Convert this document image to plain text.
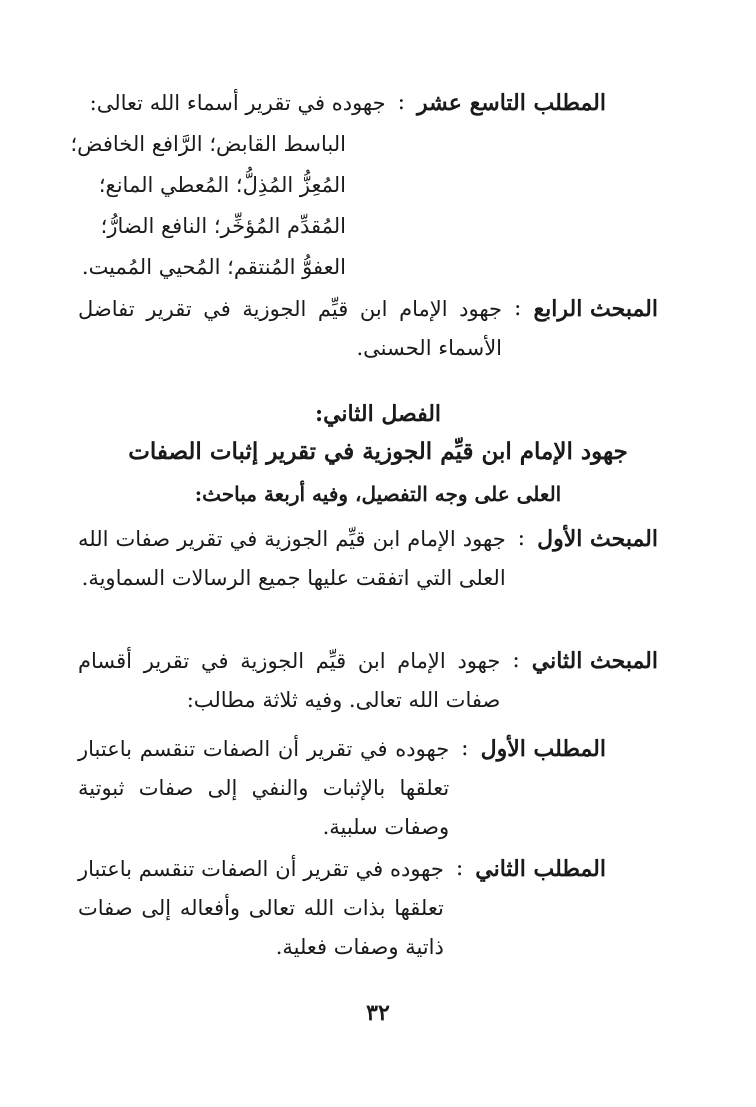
المطلب التاسع عشر
:
جهوده في تقرير أسماء الله تعالى:
الباسط القابض؛ الرَّافع الخافض؛
المُعِزُّ المُذِلُّ؛ المُعطي المانع؛
المُقدِّم المُؤخِّر؛ النافع الضارُّ؛
العفوُّ المُنتقم؛ المُحيي المُميت.
المبحث الرابع
:
جهود الإمام ابن قيِّم الجوزية في تقرير تفاضل الأسماء الحسنى.
الفصل الثاني:
جهود الإمام ابن قيِّم الجوزية في تقرير إثبات الصفات
العلى على وجه التفصيل، وفيه أربعة مباحث:
المبحث الأول
:
جهود الإمام ابن قيِّم الجوزية في تقرير صفات الله العلى التي اتفقت عليها جميع الرسالات السماوية.
المبحث الثاني
:
جهود الإمام ابن قيِّم الجوزية في تقرير أقسام صفات الله تعالى. وفيه ثلاثة مطالب:
المطلب الأول
:
جهوده في تقرير أن الصفات تنقسم باعتبار تعلقها بالإثبات والنفي إلى صفات ثبوتية وصفات سلبية.
المطلب الثاني
:
جهوده في تقرير أن الصفات تنقسم باعتبار تعلقها بذات الله تعالى وأفعاله إلى صفات ذاتية وصفات فعلية.
٣٢
